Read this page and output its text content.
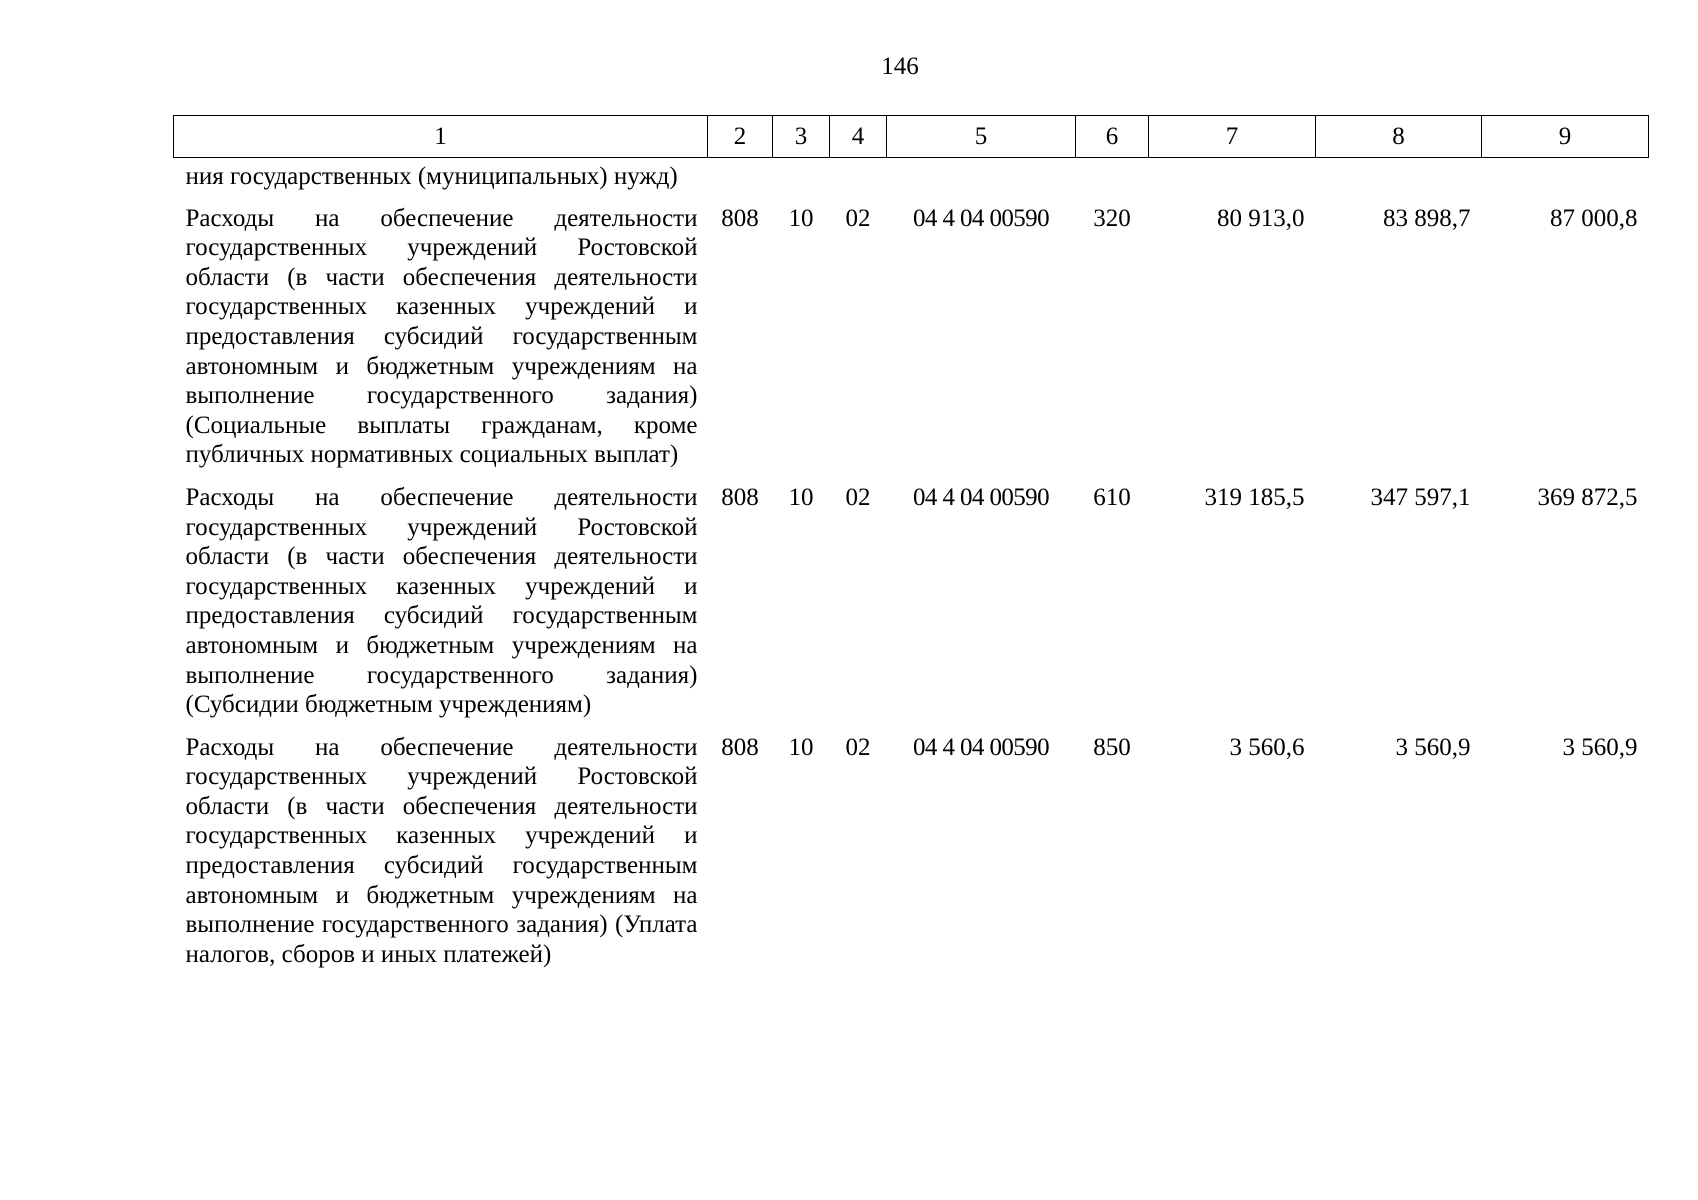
146
1	2	3	4	5	6	7	8	9
ния государственных (муниципальных) нужд)								
Расходы на обеспечение деятельности государственных учреждений Ростовской области (в части обеспечения деятельности государственных казенных учреждений и предоставления субсидий государственным автономным и бюджетным учреждениям на выполнение государственного задания) (Социальные выплаты гражданам, кроме публичных нормативных социальных выплат)	808	10	02	04 4 04 00590	320	80 913,0	83 898,7	87 000,8
Расходы на обеспечение деятельности государственных учреждений Ростовской области (в части обеспечения деятельности государственных казенных учреждений и предоставления субсидий государственным автономным и бюджетным учреждениям на выполнение государственного задания) (Субсидии бюджетным учреждениям)	808	10	02	04 4 04 00590	610	319 185,5	347 597,1	369 872,5
Расходы на обеспечение деятельности государственных учреждений Ростовской области (в части обеспечения деятельности государственных казенных учреждений и предоставления субсидий государственным автономным и бюджетным учреждениям на выполнение государственного задания) (Уплата налогов, сборов и иных платежей)	808	10	02	04 4 04 00590	850	3 560,6	3 560,9	3 560,9
